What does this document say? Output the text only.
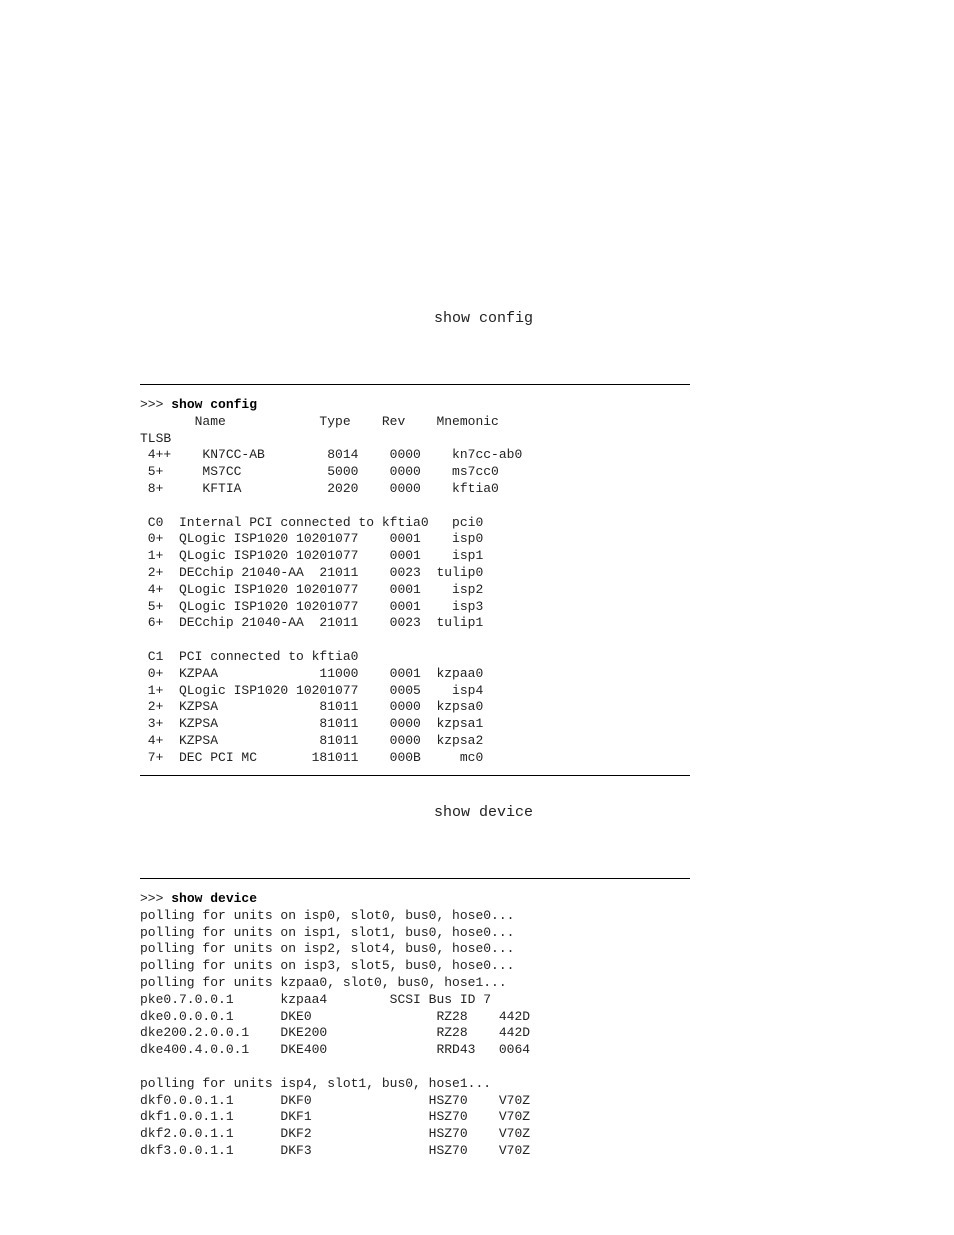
show config
>>> show config
Name            Type    Rev    Mnemonic
TLSB
4++    KN7CC-AB        8014    0000    kn7cc-ab0
5+     MS7CC           5000    0000    ms7cc0
8+     KFTIA           2020    0000    kftia0
C0  Internal PCI connected to kftia0   pci0
0+  QLogic ISP1020 10201077    0001    isp0
1+  QLogic ISP1020 10201077    0001    isp1
2+  DECchip 21040-AA  21011    0023  tulip0
4+  QLogic ISP1020 10201077    0001    isp2
5+  QLogic ISP1020 10201077    0001    isp3
6+  DECchip 21040-AA  21011    0023  tulip1
C1  PCI connected to kftia0
0+  KZPAA             11000    0001  kzpaa0
1+  QLogic ISP1020 10201077    0005    isp4
2+  KZPSA             81011    0000  kzpsa0
3+  KZPSA             81011    0000  kzpsa1
4+  KZPSA             81011    0000  kzpsa2
7+  DEC PCI MC       181011    000B     mc0
show device
>>> show device
polling for units on isp0, slot0, bus0, hose0...
polling for units on isp1, slot1, bus0, hose0...
polling for units on isp2, slot4, bus0, hose0...
polling for units on isp3, slot5, bus0, hose0...
polling for units kzpaa0, slot0, bus0, hose1...
pke0.7.0.0.1      kzpaa4        SCSI Bus ID 7
dke0.0.0.0.1      DKE0                RZ28    442D
dke200.2.0.0.1    DKE200              RZ28    442D
dke400.4.0.0.1    DKE400              RRD43   0064
polling for units isp4, slot1, bus0, hose1...
dkf0.0.0.1.1      DKF0               HSZ70    V70Z
dkf1.0.0.1.1      DKF1               HSZ70    V70Z
dkf2.0.0.1.1      DKF2               HSZ70    V70Z
dkf3.0.0.1.1      DKF3               HSZ70    V70Z
